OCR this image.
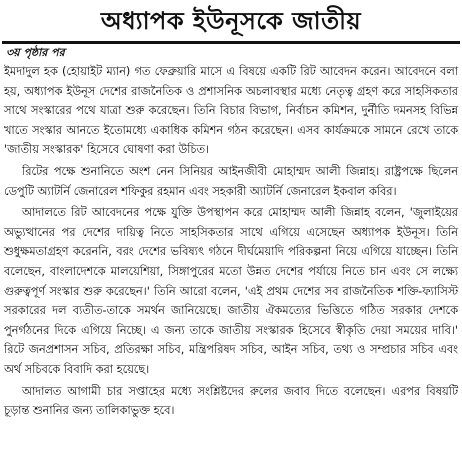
অধ্যাপক ইউনূসকে জাতীয়
৩য় পৃষ্ঠার পর

ইমদাদুল হক (হোয়াইট ম্যান) গত ফেব্রুয়ারি মাসে এ বিষয়ে একটি রিট আবেদন করেন। আবেদনে বলা হয়, অধ্যাপক ইউনূস দেশের রাজনৈতিক ও প্রশাসনিক অচলাবস্থার মধ্যে নেতৃত্ব গ্রহণ করে সাহসিকতার সাথে সংস্কারের পথে যাত্রা শুরু করেছেন। তিনি বিচার বিভাগ, নির্বাচন কমিশন, দুর্নীতি দমনসহ বিভিন্ন খাতে সংস্কার আনতে ইতোমধ্যে একাধিক কমিশন গঠন করেছেন। এসব কার্যক্রমকে সামনে রেখে তাকে 'জাতীয় সংস্কারক' হিসেবে ঘোষণা করা উচিত।

রিটের পক্ষে শুনানিতে অংশ নেন সিনিয়র আইনজীবী মোহাম্মদ আলী জিন্নাহ। রাষ্ট্রপক্ষে ছিলেন ডেপুটি অ্যাটর্নি জেনারেল শফিকুর রহমান এবং সহকারী অ্যাটর্নি জেনারেল ইকবাল কবির।

আদালতে রিট আবেদনের পক্ষে যুক্তি উপস্থাপন করে মোহাম্মদ আলী জিন্নাহ বলেন, 'জুলাইয়ের অভ্যুত্থানের পর দেশের দায়িত্ব নিতে সাহসিকতার সাথে এগিয়ে এসেছেন অধ্যাপক ইউনূস। তিনি শুধুক্ষমতাগ্রহণ করেননি, বরং দেশের ভবিষ্যৎ গঠনে দীর্ঘমেয়াদি পরিকল্পনা নিয়ে এগিয়ে যাচ্ছেন। তিনি বলেছেন, বাংলাদেশকে মালয়েশিয়া, সিঙ্গাপুরের মতো উন্নত দেশের পর্যায়ে নিতে চান এবং সে লক্ষ্যে গুরুত্বপূর্ণ সংস্কার শুরু করেছেন।' তিনি আরো বলেন, 'এই প্রথম দেশের সব রাজনৈতিক শক্তি-ফ্যাসিস্ট সরকারের দল ব্যতীত-তাকে সমর্থন জানিয়েছে। জাতীয় ঐকমত্যের ভিত্তিতে গঠিত সরকার দেশকে পুনর্গঠনের দিকে এগিয়ে নিচ্ছে। এ জন্য তাকে জাতীয় সংস্কারক হিসেবে স্বীকৃতি দেয়া সময়ের দাবি।' রিটে জনপ্রশাসন সচিব, প্রতিরক্ষা সচিব, মন্ত্রিপরিষদ সচিব, আইন সচিব, তথ্য ও সম্প্রচার সচিব এবং অর্থ সচিবকে বিবাদি করা হয়েছে।

আদালত আগামী চার সপ্তাহের মধ্যে সংশ্লিষ্টদের রুলের জবাব দিতে বলেছেন। এরপর বিষয়টি চূড়ান্ত শুনানির জন্য তালিকাভুক্ত হবে।
